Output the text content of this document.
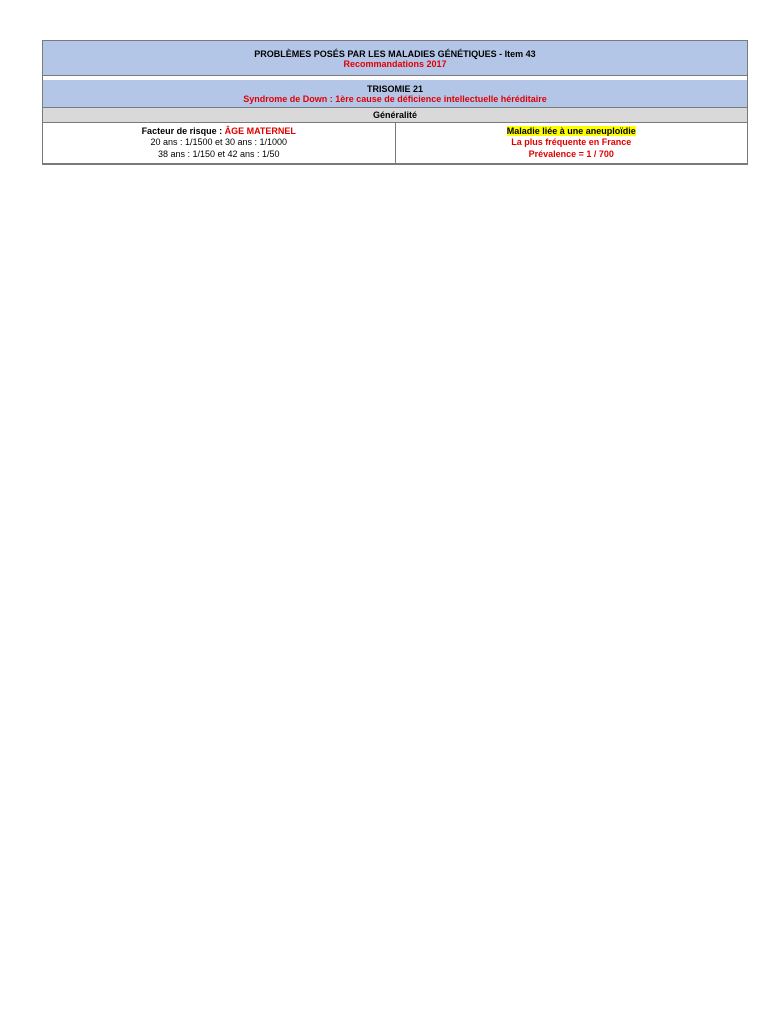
PROBLÈMES POSÉS PAR LES MALADIES GÉNÉTIQUES - Item 43
Recommandations 2017
TRISOMIE 21
Syndrome de Down : 1ère cause de déficience intellectuelle héréditaire
Généralité
Facteur de risque : ÂGE MATERNEL
20 ans : 1/1500 et 30 ans : 1/1000
38 ans : 1/150 et 42 ans : 1/50
Maladie liée à une aneuploïdie
La plus fréquente en France
Prévalence = 1 / 700
